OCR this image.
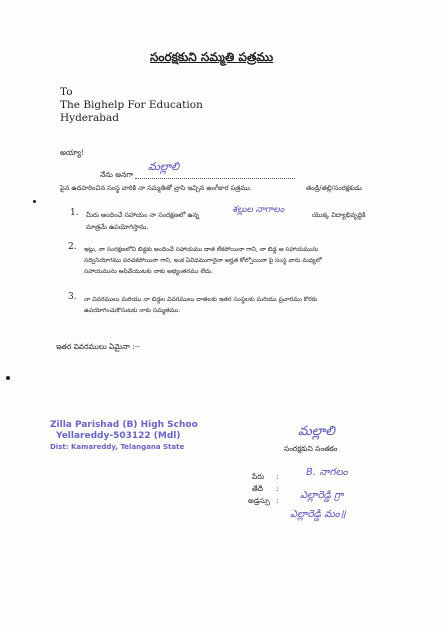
సంరక్షకుని సమ్మతి పత్రము
To
The Bighelp For Education
Hyderabad
అయ్యా!
నేను అనగా
మల్లాలి
పైన ఉదహరించిన సంస్థ వారికి నా సమ్మతితో వ్రాసి ఇచ్చిన అంగీకార పత్రము.	తండ్రి/తల్లి/సంరక్షకుడు
1. మీరు అందించే సహాయం నా సంరక్షణలో ఉన్న	శల్లుల నాగాలం	యొక్క విద్యాభివృద్ధికి
మాత్రమే ఉపయోగిస్తాను.
2. ఇట్లు, నా సంరక్షణలోని బిడ్డకు అందించే సహాయము దాత లేకపోయినా గాని, నా బిడ్డ ఆ సహాయమును
సద్వినియోగము పరచకపోయినా గాని, ఇంక ఏవిధముగానైనా అర్హత కోల్పోయినా పై సంస్థ వారు మధ్యలో
సహాయమును ఆపివేయుటకు నాకు అభ్యంతరము లేదు.
3. నా వివరములు మరియు నా బిడ్డల వివరములు దాతలకు ఇతర సంస్థలకు మరియు ప్రచారము కొరకు
ఉపయోగించుకొనుటకు నాకు సమ్మతము.
ఇతర వివరములు ఏమైనా :--
Zilla Parishad (B) High Schoo
Yellareddy-503122 (Mdl)
Dist: Kamareddy, Telangana State
మల్లాలి
సంరక్షకుని సంతకం
పేరు :	B. నాగలం
తేదీ :
అడ్రస్సు : ఎల్లారెడ్డి గ్రా
ఎల్లారెడ్డి మం॥
